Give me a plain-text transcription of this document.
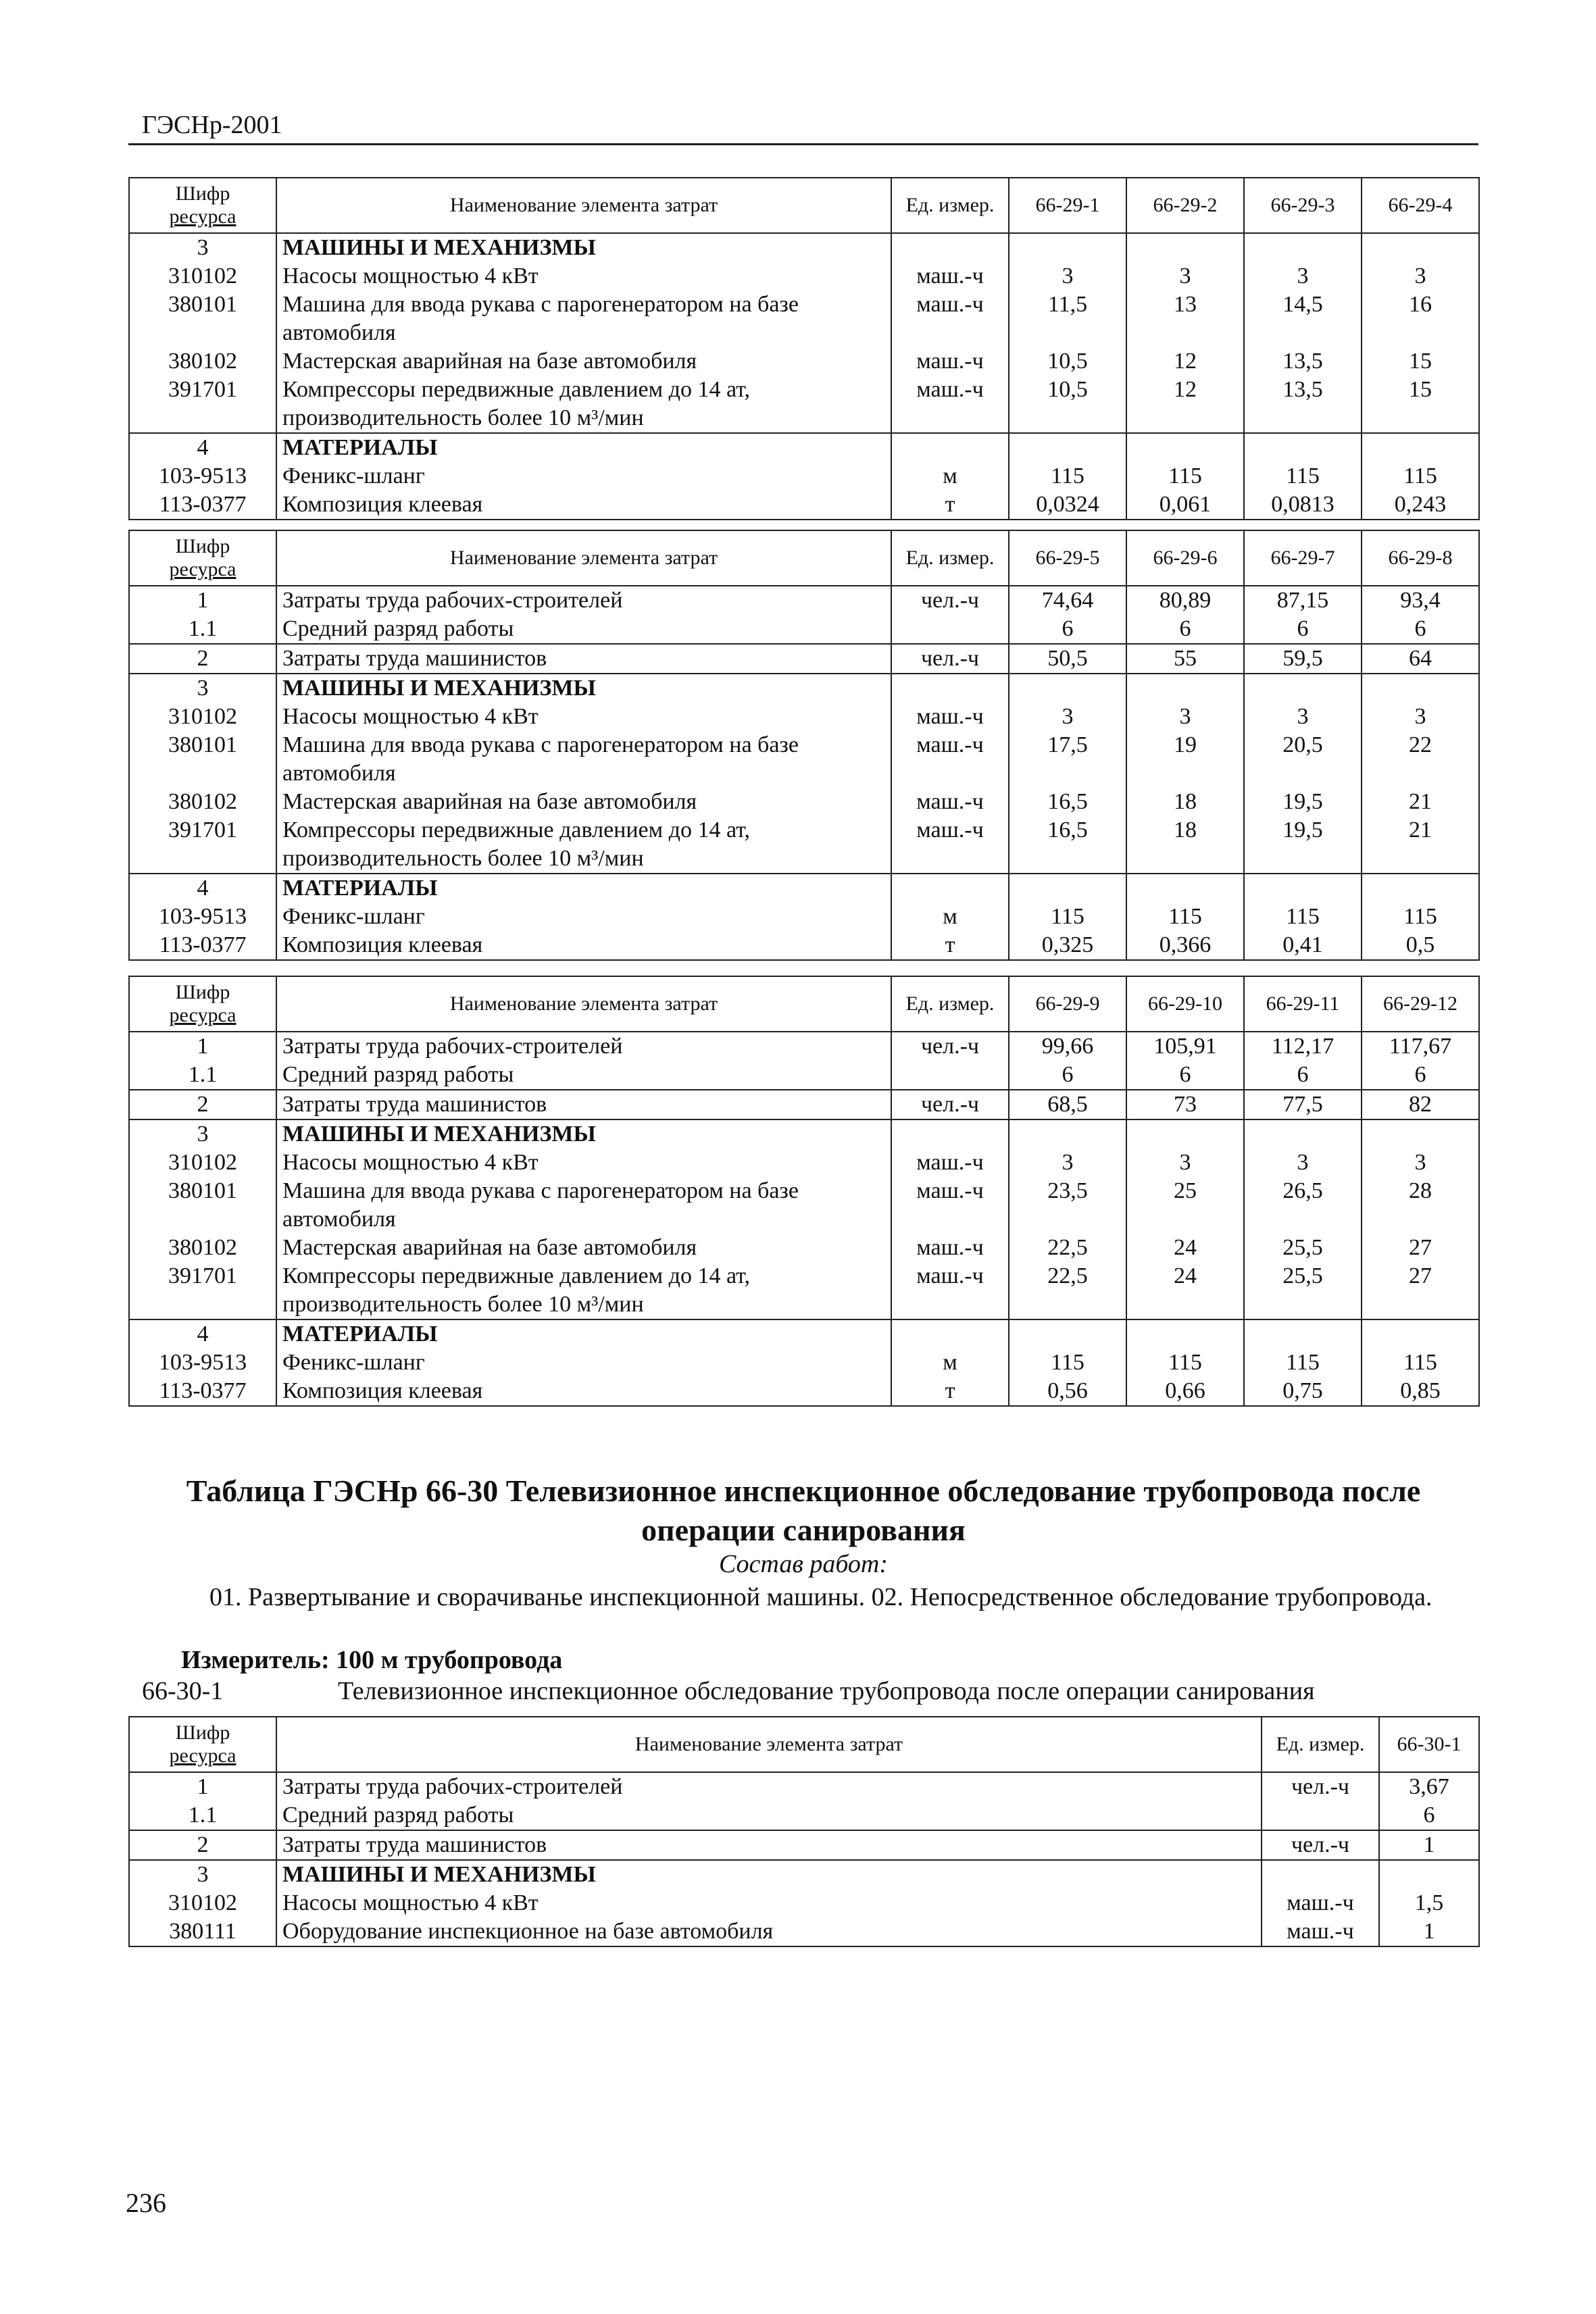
ГЭСНр-2001
Шифр
ресурса	Наименование элемента затрат	Ед. измер.	66-29-1	66-29-2	66-29-3	66-29-4
3	МАШИНЫ И МЕХАНИЗМЫ					
310102	Насосы мощностью 4 кВт	маш.-ч	3	3	3	3
380101	Машина для ввода рукава с парогенератором на базе автомобиля	маш.-ч	11,5	13	14,5	16
380102	Мастерская аварийная на базе автомобиля	маш.-ч	10,5	12	13,5	15
391701	Компрессоры передвижные давлением до 14 ат, производительность более 10 м³/мин	маш.-ч	10,5	12	13,5	15
4	МАТЕРИАЛЫ					
103-9513	Феникс-шланг	м	115	115	115	115
113-0377	Композиция клеевая	т	0,0324	0,061	0,0813	0,243
Шифр
ресурса	Наименование элемента затрат	Ед. измер.	66-29-5	66-29-6	66-29-7	66-29-8
1	Затраты труда рабочих-строителей	чел.-ч	74,64	80,89	87,15	93,4
1.1	Средний разряд работы		6	6	6	6
2	Затраты труда машинистов	чел.-ч	50,5	55	59,5	64
3	МАШИНЫ И МЕХАНИЗМЫ					
310102	Насосы мощностью 4 кВт	маш.-ч	3	3	3	3
380101	Машина для ввода рукава с парогенератором на базе автомобиля	маш.-ч	17,5	19	20,5	22
380102	Мастерская аварийная на базе автомобиля	маш.-ч	16,5	18	19,5	21
391701	Компрессоры передвижные давлением до 14 ат, производительность более 10 м³/мин	маш.-ч	16,5	18	19,5	21
4	МАТЕРИАЛЫ					
103-9513	Феникс-шланг	м	115	115	115	115
113-0377	Композиция клеевая	т	0,325	0,366	0,41	0,5
Шифр
ресурса	Наименование элемента затрат	Ед. измер.	66-29-9	66-29-10	66-29-11	66-29-12
1	Затраты труда рабочих-строителей	чел.-ч	99,66	105,91	112,17	117,67
1.1	Средний разряд работы		6	6	6	6
2	Затраты труда машинистов	чел.-ч	68,5	73	77,5	82
3	МАШИНЫ И МЕХАНИЗМЫ					
310102	Насосы мощностью 4 кВт	маш.-ч	3	3	3	3
380101	Машина для ввода рукава с парогенератором на базе автомобиля	маш.-ч	23,5	25	26,5	28
380102	Мастерская аварийная на базе автомобиля	маш.-ч	22,5	24	25,5	27
391701	Компрессоры передвижные давлением до 14 ат, производительность более 10 м³/мин	маш.-ч	22,5	24	25,5	27
4	МАТЕРИАЛЫ					
103-9513	Феникс-шланг	м	115	115	115	115
113-0377	Композиция клеевая	т	0,56	0,66	0,75	0,85
Таблица ГЭСНр 66-30 Телевизионное инспекционное обследование трубопровода после операции санирования
Состав работ:
01. Развертывание и сворачиванье инспекционной машины. 02. Непосредственное обследование трубопровода.
Измеритель: 100 м трубопровода
66-30-1	Телевизионное инспекционное обследование трубопровода после операции санирования
Шифр
ресурса	Наименование элемента затрат	Ед. измер.	66-30-1
1	Затраты труда рабочих-строителей	чел.-ч	3,67
1.1	Средний разряд работы		6
2	Затраты труда машинистов	чел.-ч	1
3	МАШИНЫ И МЕХАНИЗМЫ		
310102	Насосы мощностью 4 кВт	маш.-ч	1,5
380111	Оборудование инспекционное на базе автомобиля	маш.-ч	1
236
